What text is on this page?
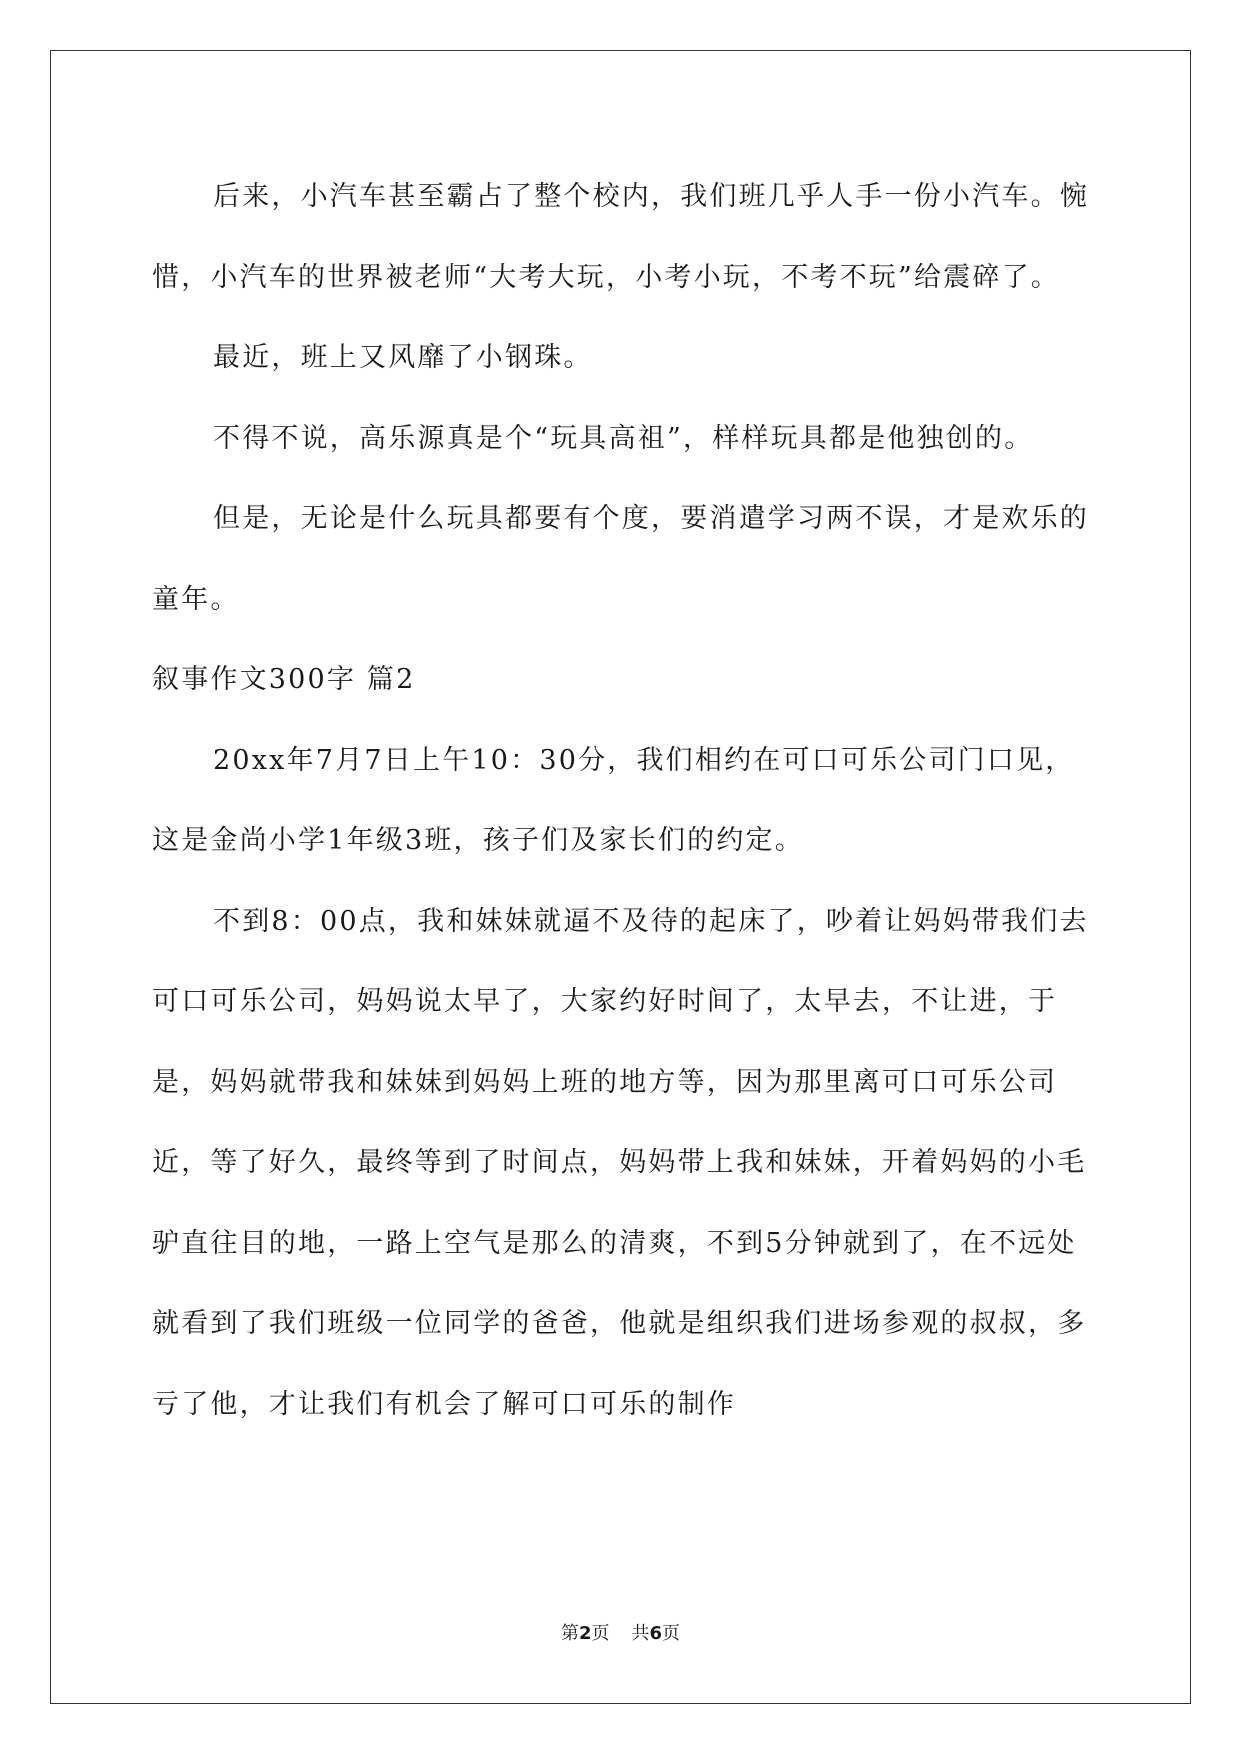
后来，小汽车甚至霸占了整个校内，我们班几乎人手一份小汽车。惋惜，小汽车的世界被老师“大考大玩，小考小玩，不考不玩”给震碎了。

最近，班上又风靡了小钢珠。

不得不说，高乐源真是个“玩具高祖”，样样玩具都是他独创的。

但是，无论是什么玩具都要有个度，要消遣学习两不误，才是欢乐的童年。

叙事作文300字 篇2

20xx年7月7日上午10：30分，我们相约在可口可乐公司门口见，这是金尚小学1年级3班，孩子们及家长们的约定。

不到8：00点，我和妹妹就逼不及待的起床了，吵着让妈妈带我们去可口可乐公司，妈妈说太早了，大家约好时间了，太早去，不让进，于是，妈妈就带我和妹妹到妈妈上班的地方等，因为那里离可口可乐公司近，等了好久，最终等到了时间点，妈妈带上我和妹妹，开着妈妈的小毛驴直往目的地，一路上空气是那么的清爽，不到5分钟就到了，在不远处就看到了我们班级一位同学的爸爸，他就是组织我们进场参观的叔叔，多亏了他，才让我们有机会了解可口可乐的制作

第2页 共6页
